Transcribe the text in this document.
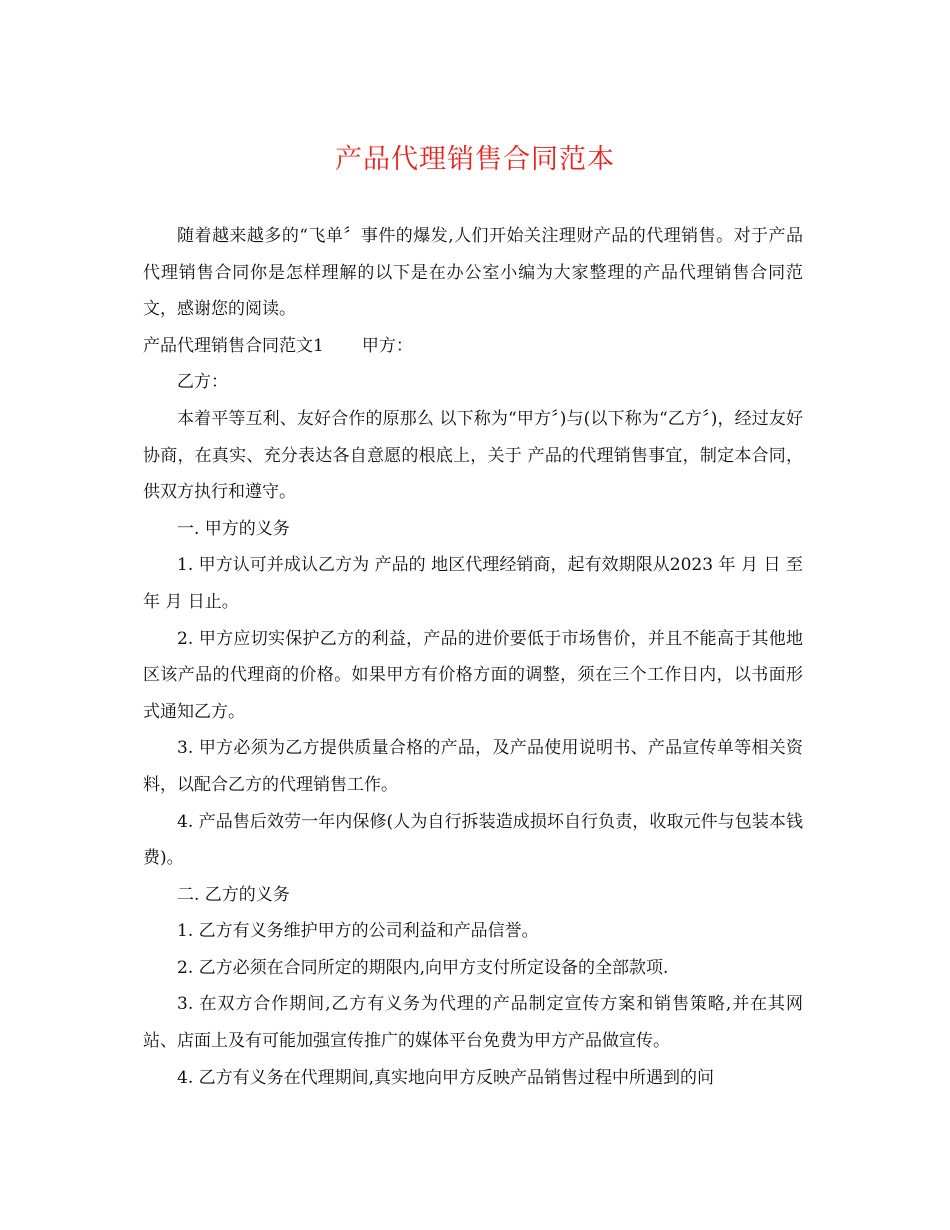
产品代理销售合同范本

随着越来越多的“飞单〞事件的爆发,人们开始关注理财产品的代理销售。对于产品代理销售合同你是怎样理解的以下是在办公室小编为大家整理的产品代理销售合同范文，感谢您的阅读。

产品代理销售合同范文1 甲方：

乙方：

本着平等互利、友好合作的原那么 以下称为“甲方〞)与(以下称为“乙方〞)，经过友好协商，在真实、充分表达各自意愿的根底上，关于 产品的代理销售事宜，制定本合同，供双方执行和遵守。

一. 甲方的义务

1. 甲方认可并成认乙方为 产品的 地区代理经销商，起有效期限从2023 年 月 日 至 年 月 日止。

2. 甲方应切实保护乙方的利益，产品的进价要低于市场售价，并且不能高于其他地区该产品的代理商的价格。如果甲方有价格方面的调整，须在三个工作日内，以书面形式通知乙方。

3. 甲方必须为乙方提供质量合格的产品，及产品使用说明书、产品宣传单等相关资料，以配合乙方的代理销售工作。

4. 产品售后效劳一年内保修(人为自行拆装造成损坏自行负责，收取元件与包装本钱费)。

二. 乙方的义务

1. 乙方有义务维护甲方的公司利益和产品信誉。

2. 乙方必须在合同所定的期限内,向甲方支付所定设备的全部款项.

3. 在双方合作期间,乙方有义务为代理的产品制定宣传方案和销售策略,并在其网站、店面上及有可能加强宣传推广的媒体平台免费为甲方产品做宣传。

4. 乙方有义务在代理期间,真实地向甲方反映产品销售过程中所遇到的问
